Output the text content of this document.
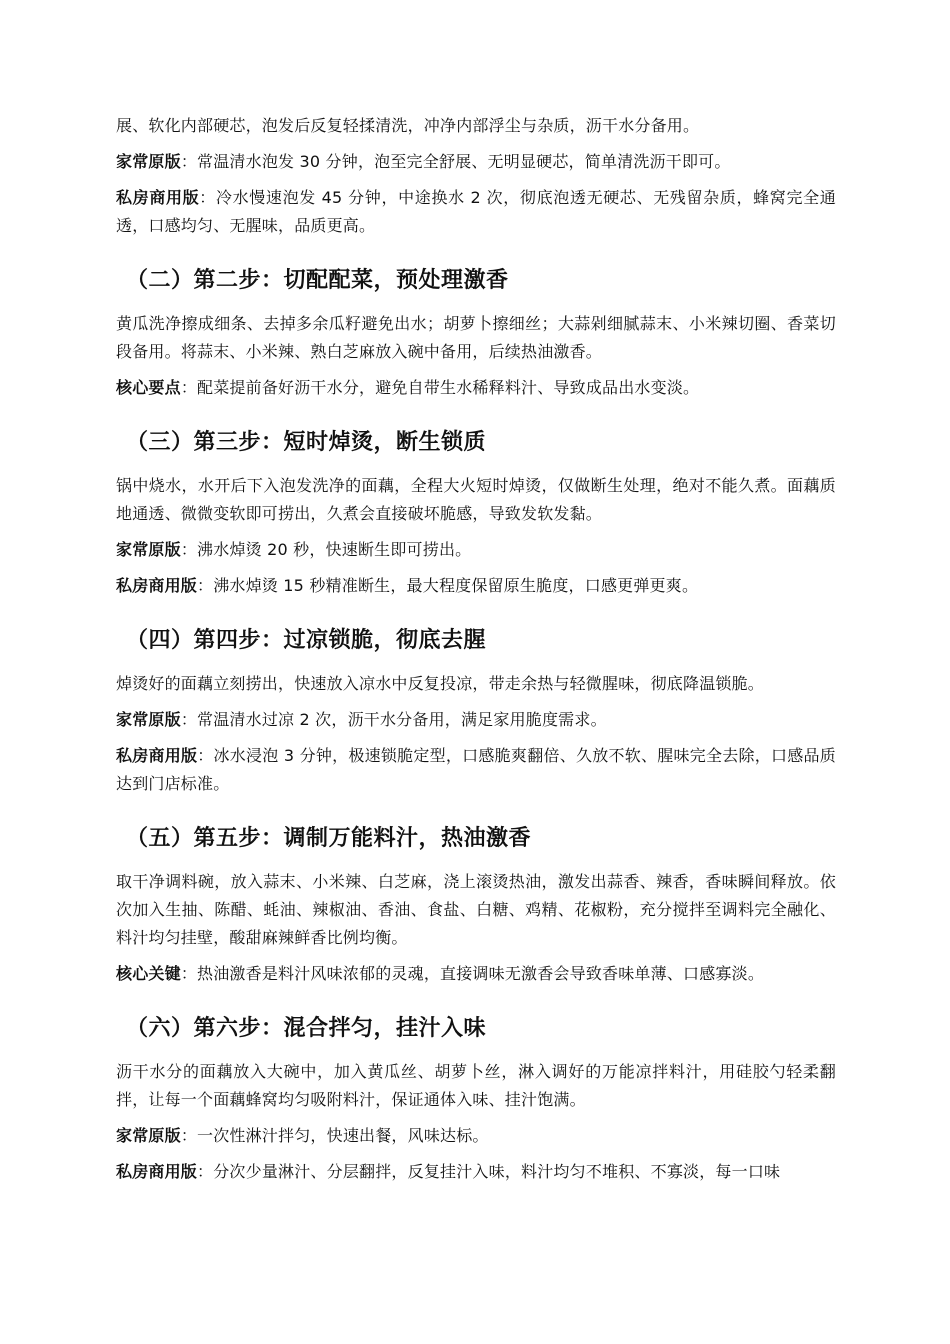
展、软化内部硬芯，泡发后反复轻揉清洗，冲净内部浮尘与杂质，沥干水分备用。

家常原版：常温清水泡发 30 分钟，泡至完全舒展、无明显硬芯，简单清洗沥干即可。

私房商用版：冷水慢速泡发 45 分钟，中途换水 2 次，彻底泡透无硬芯、无残留杂质，蜂窝完全通透，口感均匀、无腥味，品质更高。

（二）第二步：切配配菜，预处理激香

黄瓜洗净擦成细条、去掉多余瓜籽避免出水；胡萝卜擦细丝；大蒜剁细腻蒜末、小米辣切圈、香菜切段备用。将蒜末、小米辣、熟白芝麻放入碗中备用，后续热油激香。

核心要点：配菜提前备好沥干水分，避免自带生水稀释料汁、导致成品出水变淡。

（三）第三步：短时焯烫，断生锁质

锅中烧水，水开后下入泡发洗净的面藕，全程大火短时焯烫，仅做断生处理，绝对不能久煮。面藕质地通透、微微变软即可捞出，久煮会直接破坏脆感，导致发软发黏。

家常原版：沸水焯烫 20 秒，快速断生即可捞出。

私房商用版：沸水焯烫 15 秒精准断生，最大程度保留原生脆度，口感更弹更爽。

（四）第四步：过凉锁脆，彻底去腥

焯烫好的面藕立刻捞出，快速放入凉水中反复投凉，带走余热与轻微腥味，彻底降温锁脆。

家常原版：常温清水过凉 2 次，沥干水分备用，满足家用脆度需求。

私房商用版：冰水浸泡 3 分钟，极速锁脆定型，口感脆爽翻倍、久放不软、腥味完全去除，口感品质达到门店标准。

（五）第五步：调制万能料汁，热油激香

取干净调料碗，放入蒜末、小米辣、白芝麻，浇上滚烫热油，激发出蒜香、辣香，香味瞬间释放。依次加入生抽、陈醋、蚝油、辣椒油、香油、食盐、白糖、鸡精、花椒粉，充分搅拌至调料完全融化、料汁均匀挂壁，酸甜麻辣鲜香比例均衡。

核心关键：热油激香是料汁风味浓郁的灵魂，直接调味无激香会导致香味单薄、口感寡淡。

（六）第六步：混合拌匀，挂汁入味

沥干水分的面藕放入大碗中，加入黄瓜丝、胡萝卜丝，淋入调好的万能凉拌料汁，用硅胶勺轻柔翻拌，让每一个面藕蜂窝均匀吸附料汁，保证通体入味、挂汁饱满。

家常原版：一次性淋汁拌匀，快速出餐，风味达标。

私房商用版：分次少量淋汁、分层翻拌，反复挂汁入味，料汁均匀不堆积、不寡淡，每一口味
